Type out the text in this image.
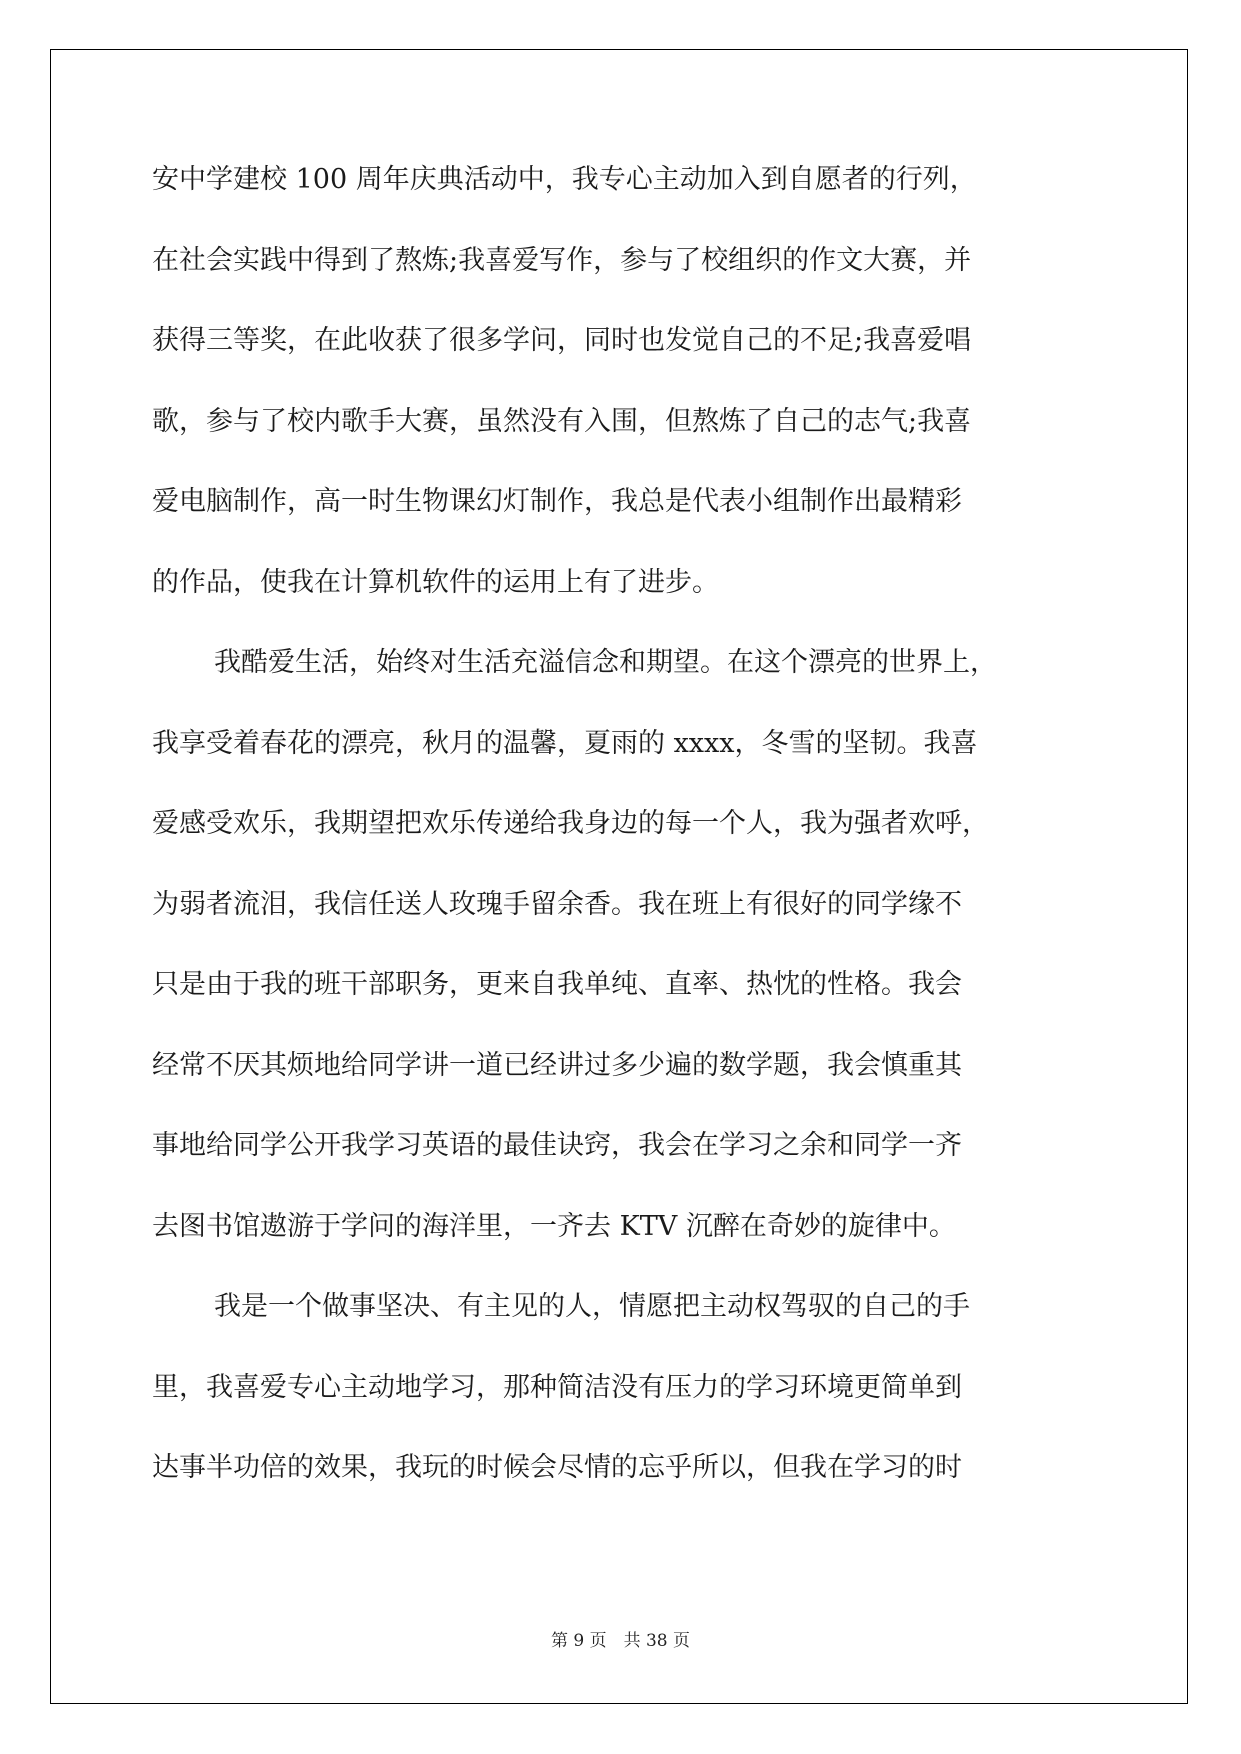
安中学建校 100 周年庆典活动中，我专心主动加入到自愿者的行列，
在社会实践中得到了熬炼;我喜爱写作，参与了校组织的作文大赛，并
获得三等奖，在此收获了很多学问，同时也发觉自己的不足;我喜爱唱
歌，参与了校内歌手大赛，虽然没有入围，但熬炼了自己的志气;我喜
爱电脑制作，高一时生物课幻灯制作，我总是代表小组制作出最精彩
的作品，使我在计算机软件的运用上有了进步。
我酷爱生活，始终对生活充溢信念和期望。在这个漂亮的世界上，
我享受着春花的漂亮，秋月的温馨，夏雨的 xxxx，冬雪的坚韧。我喜
爱感受欢乐，我期望把欢乐传递给我身边的每一个人，我为强者欢呼，
为弱者流泪，我信任送人玫瑰手留余香。我在班上有很好的同学缘不
只是由于我的班干部职务，更来自我单纯、直率、热忱的性格。我会
经常不厌其烦地给同学讲一道已经讲过多少遍的数学题，我会慎重其
事地给同学公开我学习英语的最佳诀窍，我会在学习之余和同学一齐
去图书馆遨游于学问的海洋里，一齐去 KTV 沉醉在奇妙的旋律中。
我是一个做事坚决、有主见的人，情愿把主动权驾驭的自己的手
里，我喜爱专心主动地学习，那种简洁没有压力的学习环境更简单到
达事半功倍的效果，我玩的时候会尽情的忘乎所以，但我在学习的时
第 9 页　共 38 页
